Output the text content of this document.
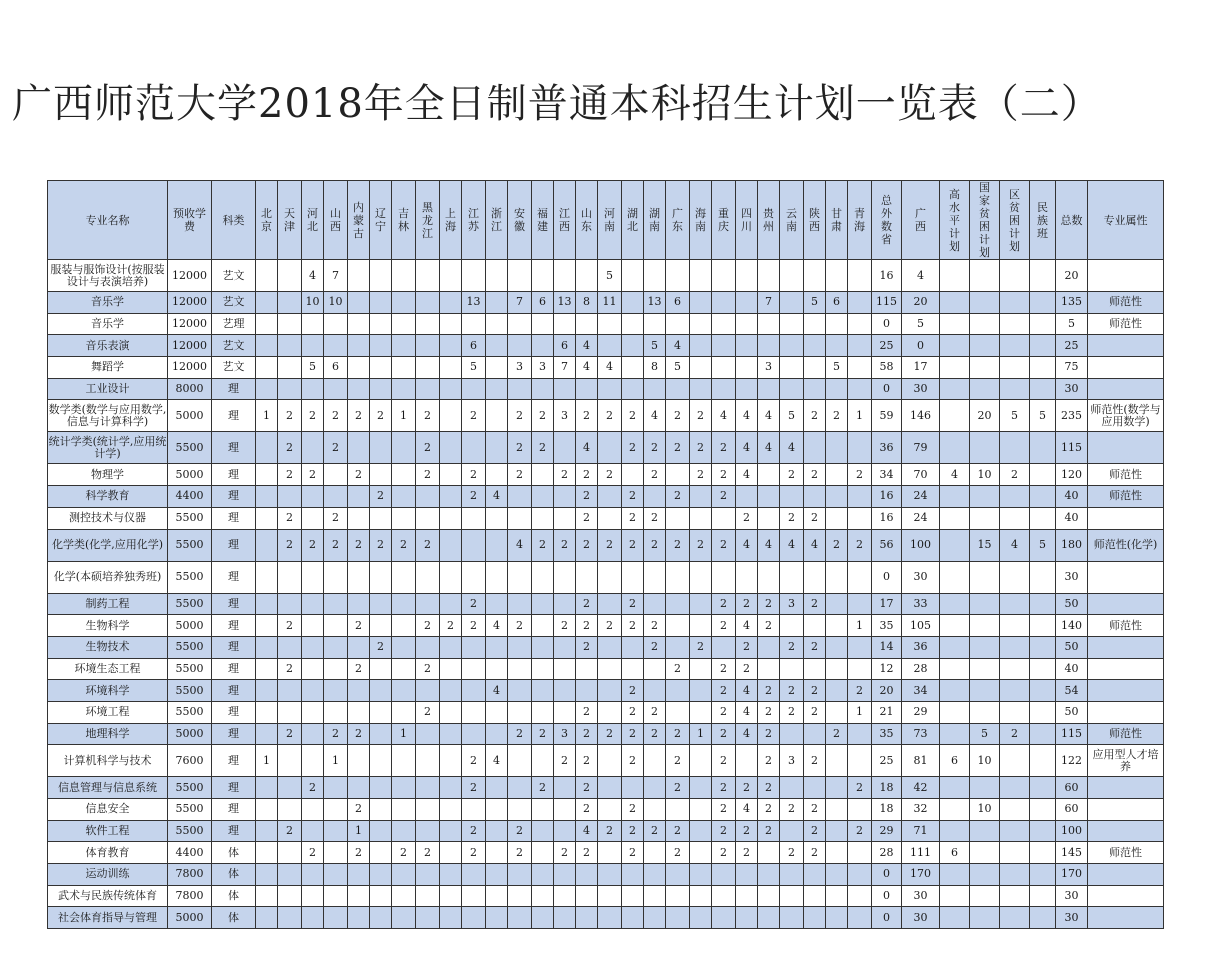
广西师范大学2018年全日制普通本科招生计划一览表（二）
专业名称	预收学费	科类	北京	天津	河北	山西	内蒙古	辽宁	吉林	黑龙江	上海	江苏	浙江	安徽	福建	江西	山东	河南	湖北	湖南	广东	海南	重庆	四川	贵州	云南	陕西	甘肃	青海	总外数省	广西	高水平计划	国家贫困计划	区贫困计划	民族班	总数	专业属性
服装与服饰设计(按服装设计与表演培养)	12000	艺文			4	7												5												16	4					20	
音乐学	12000	艺文			10	10						13		7	6	13	8	11		13	6				7		5	6		115	20					135	师范性
音乐学	12000	艺理																												0	5					5	师范性
音乐表演	12000	艺文										6				6	4			5	4									25	0					25	
舞蹈学	12000	艺文			5	6						5		3	3	7	4	4		8	5				3			5		58	17					75	
工业设计	8000	理																												0	30					30	
数学类(数学与应用数学,信息与计算科学)	5000	理	1	2	2	2	2	2	1	2		2		2	2	3	2	2	2	4	2	2	4	4	4	5	2	2	1	59	146		20	5	5	235	师范性(数学与应用数学)
统计学类(统计学,应用统计学)	5500	理		2		2				2				2	2		4		2	2	2	2	2	4	4	4				36	79					115	
物理学	5000	理		2	2		2			2		2		2		2	2	2		2		2	2	4		2	2		2	34	70	4	10	2		120	师范性
科学教育	4400	理						2				2	4				2		2		2		2							16	24					40	师范性
测控技术与仪器	5500	理		2		2											2		2	2				2		2	2			16	24					40	
化学类(化学,应用化学)	5500	理		2	2	2	2	2	2	2				4	2	2	2	2	2	2	2	2	2	4	4	4	4	2	2	56	100		15	4	5	180	师范性(化学)
化学(本硕培养独秀班)	5500	理																												0	30					30	
制药工程	5500	理										2					2		2				2	2	2	3	2			17	33					50	
生物科学	5000	理		2			2			2	2	2	4	2		2	2	2	2	2			2	4	2				1	35	105					140	师范性
生物技术	5500	理						2									2			2		2		2		2	2			14	36					50	
环境生态工程	5500	理		2			2			2											2		2	2						12	28					40	
环境科学	5500	理											4						2				2	4	2	2	2		2	20	34					54	
环境工程	5500	理								2							2		2	2			2	4	2	2	2		1	21	29					50	
地理科学	5000	理		2		2	2		1					2	2	3	2	2	2	2	2	1	2	4	2			2		35	73		5	2		115	师范性
计算机科学与技术	7600	理	1			1						2	4			2	2		2		2		2		2	3	2			25	81	6	10			122	应用型人才培养
信息管理与信息系统	5500	理			2							2			2		2				2		2	2	2				2	18	42					60	
信息安全	5500	理					2										2		2				2	4	2	2	2			18	32		10			60	
软件工程	5500	理		2			1					2		2			4	2	2	2	2		2	2	2		2		2	29	71					100	
体育教育	4400	体			2		2		2	2		2		2		2	2		2		2		2	2		2	2			28	111	6				145	师范性
运动训练	7800	体																												0	170					170	
武术与民族传统体育	7800	体																												0	30					30	
社会体育指导与管理	5000	体																												0	30					30	
